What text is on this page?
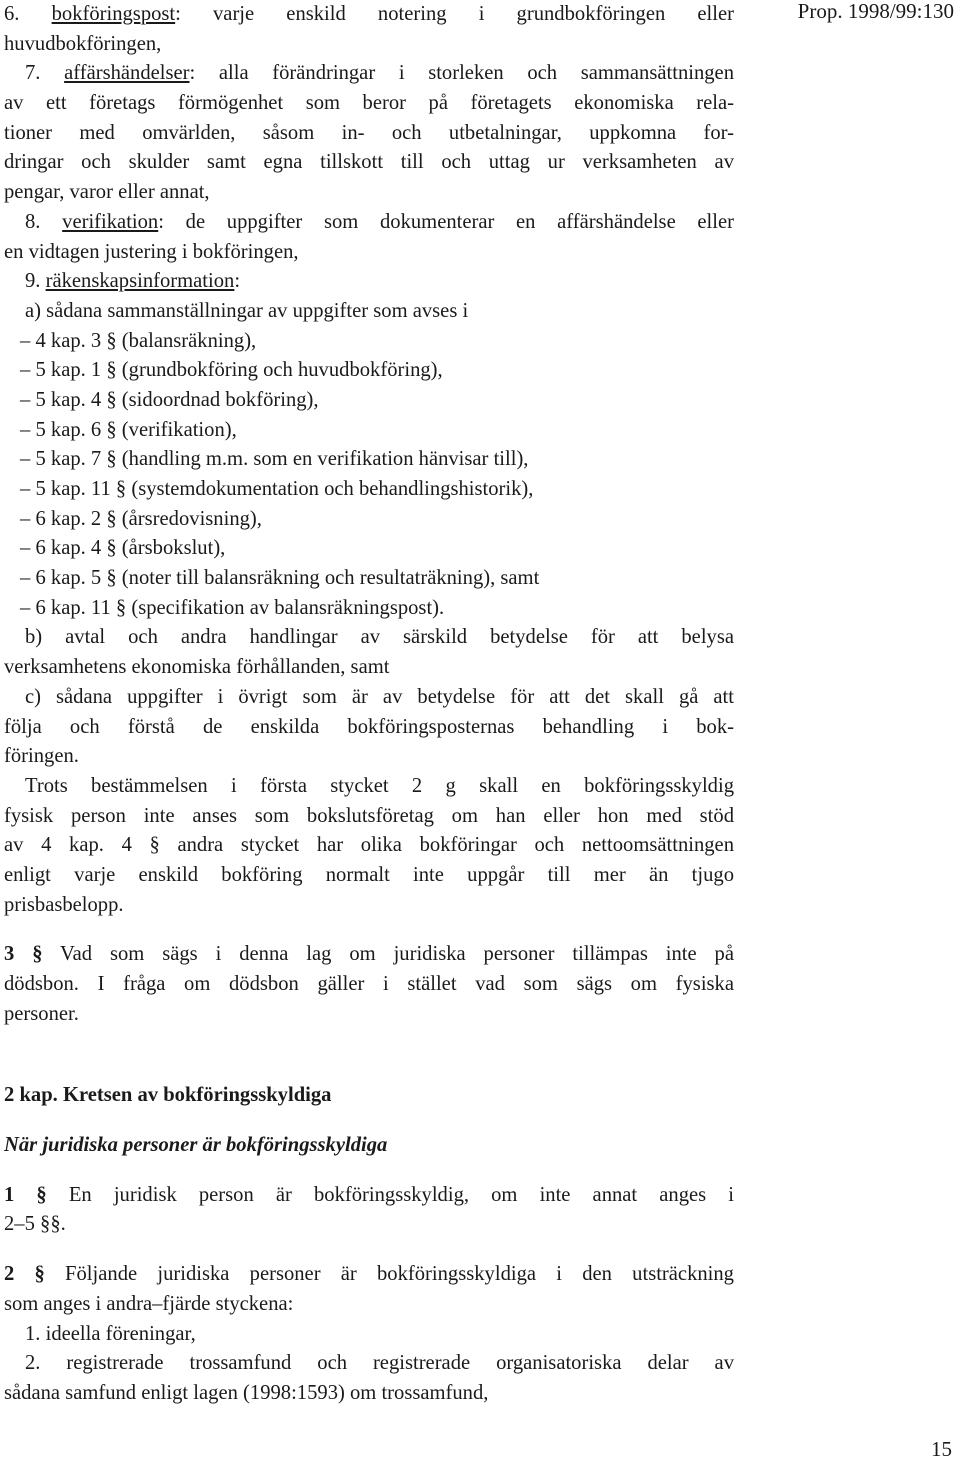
Prop. 1998/99:130
6. bokföringspost: varje enskild notering i grundbokföringen eller
huvudbokföringen,
7. affärshändelser: alla förändringar i storleken och sammansättningen
av ett företags förmögenhet som beror på företagets ekonomiska rela-
tioner med omvärlden, såsom in- och utbetalningar, uppkomna for-
dringar och skulder samt egna tillskott till och uttag ur verksamheten av
pengar, varor eller annat,
8. verifikation: de uppgifter som dokumenterar en affärshändelse eller
en vidtagen justering i bokföringen,
9. räkenskapsinformation:
a) sådana sammanställningar av uppgifter som avses i
– 4 kap. 3 § (balansräkning),
– 5 kap. 1 § (grundbokföring och huvudbokföring),
– 5 kap. 4 § (sidoordnad bokföring),
– 5 kap. 6 § (verifikation),
– 5 kap. 7 § (handling m.m. som en verifikation hänvisar till),
– 5 kap. 11 § (systemdokumentation och behandlingshistorik),
– 6 kap. 2 § (årsredovisning),
– 6 kap. 4 § (årsbokslut),
– 6 kap. 5 § (noter till balansräkning och resultaträkning), samt
– 6 kap. 11 § (specifikation av balansräkningspost).
b) avtal och andra handlingar av särskild betydelse för att belysa
verksamhetens ekonomiska förhållanden, samt
c) sådana uppgifter i övrigt som är av betydelse för att det skall gå att
följa och förstå de enskilda bokföringsposternas behandling i bok-
föringen.
Trots bestämmelsen i första stycket 2 g skall en bokföringsskyldig
fysisk person inte anses som bokslutsföretag om han eller hon med stöd
av 4 kap. 4 § andra stycket har olika bokföringar och nettoomsättningen
enligt varje enskild bokföring normalt inte uppgår till mer än tjugo
prisbasbelopp.
3 § Vad som sägs i denna lag om juridiska personer tillämpas inte på
dödsbon. I fråga om dödsbon gäller i stället vad som sägs om fysiska
personer.
2 kap. Kretsen av bokföringsskyldiga
När juridiska personer är bokföringsskyldiga
1 § En juridisk person är bokföringsskyldig, om inte annat anges i
2–5 §§.
2 § Följande juridiska personer är bokföringsskyldiga i den utsträckning
som anges i andra–fjärde styckena:
1. ideella föreningar,
2. registrerade trossamfund och registrerade organisatoriska delar av
sådana samfund enligt lagen (1998:1593) om trossamfund,
15
